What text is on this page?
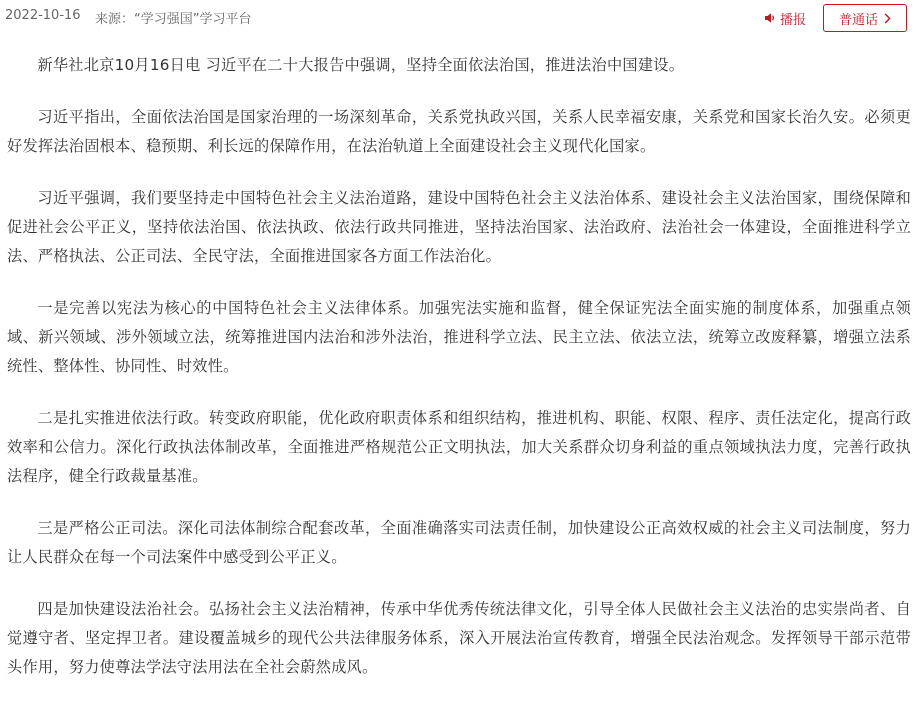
2022-10-16 来源：“学习强国”学习平台	播报	普通话

新华社北京10月16日电 习近平在二十大报告中强调，坚持全面依法治国，推进法治中国建设。

习近平指出，全面依法治国是国家治理的一场深刻革命，关系党执政兴国，关系人民幸福安康，关系党和国家长治久安。必须更好发挥法治固根本、稳预期、利长远的保障作用，在法治轨道上全面建设社会主义现代化国家。

习近平强调，我们要坚持走中国特色社会主义法治道路，建设中国特色社会主义法治体系、建设社会主义法治国家，围绕保障和促进社会公平正义，坚持依法治国、依法执政、依法行政共同推进，坚持法治国家、法治政府、法治社会一体建设，全面推进科学立法、严格执法、公正司法、全民守法，全面推进国家各方面工作法治化。

一是完善以宪法为核心的中国特色社会主义法律体系。加强宪法实施和监督，健全保证宪法全面实施的制度体系，加强重点领域、新兴领域、涉外领域立法，统筹推进国内法治和涉外法治，推进科学立法、民主立法、依法立法，统筹立改废释纂，增强立法系统性、整体性、协同性、时效性。

二是扎实推进依法行政。转变政府职能，优化政府职责体系和组织结构，推进机构、职能、权限、程序、责任法定化，提高行政效率和公信力。深化行政执法体制改革，全面推进严格规范公正文明执法，加大关系群众切身利益的重点领域执法力度，完善行政执法程序，健全行政裁量基准。

三是严格公正司法。深化司法体制综合配套改革，全面准确落实司法责任制，加快建设公正高效权威的社会主义司法制度，努力让人民群众在每一个司法案件中感受到公平正义。

四是加快建设法治社会。弘扬社会主义法治精神，传承中华优秀传统法律文化，引导全体人民做社会主义法治的忠实崇尚者、自觉遵守者、坚定捍卫者。建设覆盖城乡的现代公共法律服务体系，深入开展法治宣传教育，增强全民法治观念。发挥领导干部示范带头作用，努力使尊法学法守法用法在全社会蔚然成风。
